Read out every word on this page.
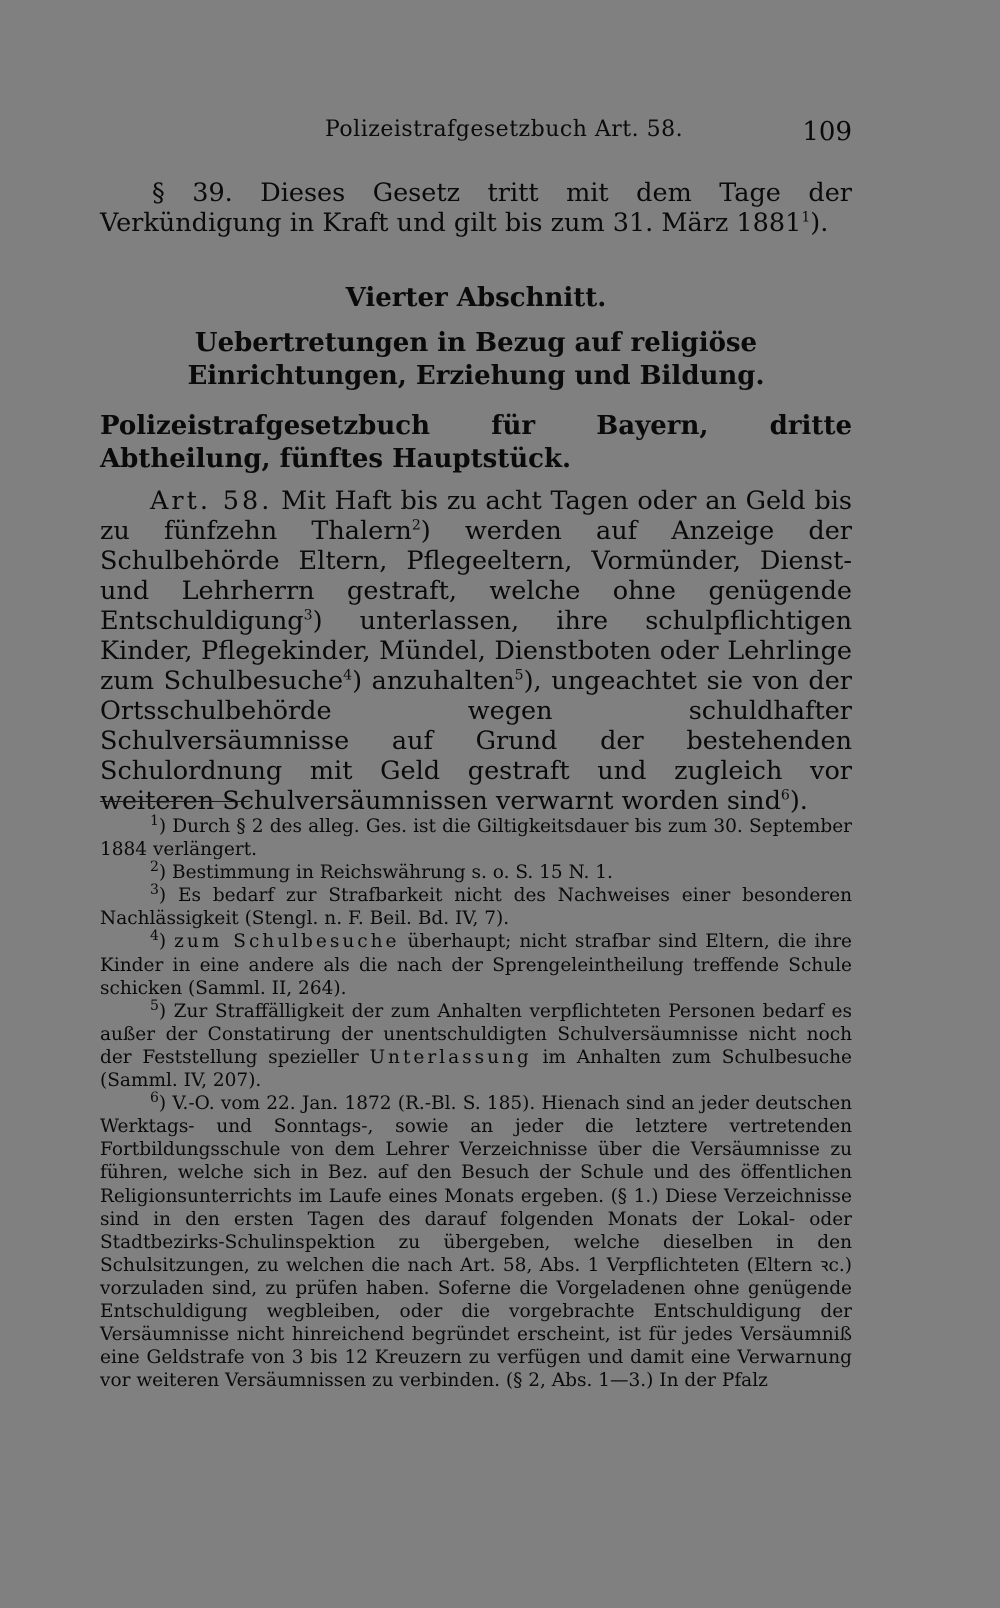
Polizeistrafgesetzbuch Art. 58.	109
§ 39. Dieses Gesetz tritt mit dem Tage der Verkündigung in Kraft und gilt bis zum 31. März 1881$^1$).
Vierter Abschnitt.
Uebertretungen in Bezug auf religiöse Einrichtungen, Erziehung und Bildung.
Polizeistrafgesetzbuch für Bayern, dritte Abtheilung, fünftes Hauptstück.
Art. 58. Mit Haft bis zu acht Tagen oder an Geld bis zu fünfzehn Thalern$^2$) werden auf Anzeige der Schulbehörde Eltern, Pflegeeltern, Vormünder, Dienst- und Lehrherrn gestraft, welche ohne genügende Entschuldigung$^3$) unterlassen, ihre schulpflichtigen Kinder, Pflegekinder, Mündel, Dienstboten oder Lehrlinge zum Schulbesuche$^4$) anzuhalten$^5$), ungeachtet sie von der Ortsschulbehörde wegen schuldhafter Schulversäumnisse auf Grund der bestehenden Schulordnung mit Geld gestraft und zugleich vor weiteren Schulversäumnissen verwarnt worden sind$^6$).

$^1$) Durch § 2 des alleg. Ges. ist die Giltigkeitsdauer bis zum 30. September 1884 verlängert.

$^2$) Bestimmung in Reichswährung s. o. S. 15 N. 1.

$^3$) Es bedarf zur Strafbarkeit nicht des Nachweises einer besonderen Nachlässigkeit (Stengl. n. F. Beil. Bd. IV, 7).

$^4$) zum Schulbesuche überhaupt; nicht strafbar sind Eltern, die ihre Kinder in eine andere als die nach der Sprengeleintheilung treffende Schule schicken (Samml. II, 264).

$^5$) Zur Straffälligkeit der zum Anhalten verpflichteten Personen bedarf es außer der Constatirung der unentschuldigten Schulversäumnisse nicht noch der Feststellung spezieller Unterlassung im Anhalten zum Schulbesuche (Samml. IV, 207).

$^6$) V.-O. vom 22. Jan. 1872 (R.-Bl. S. 185). Hienach sind an jeder deutschen Werktags- und Sonntags-, sowie an jeder die letztere vertretenden Fortbildungsschule von dem Lehrer Verzeichnisse über die Versäumnisse zu führen, welche sich in Bez. auf den Besuch der Schule und des öffentlichen Religionsunterrichts im Laufe eines Monats ergeben. (§ 1.) Diese Verzeichnisse sind in den ersten Tagen des darauf folgenden Monats der Lokal- oder Stadtbezirks-Schulinspektion zu übergeben, welche dieselben in den Schulsitzungen, zu welchen die nach Art. 58, Abs. 1 Verpflichteten (Eltern ꝛc.) vorzuladen sind, zu prüfen haben. Soferne die Vorgeladenen ohne genügende Entschuldigung wegbleiben, oder die vorgebrachte Entschuldigung der Versäumnisse nicht hinreichend begründet erscheint, ist für jedes Versäumniß eine Geldstrafe von 3 bis 12 Kreuzern zu verfügen und damit eine Verwarnung vor weiteren Versäumnissen zu verbinden. (§ 2, Abs. 1—3.) In der Pfalz
